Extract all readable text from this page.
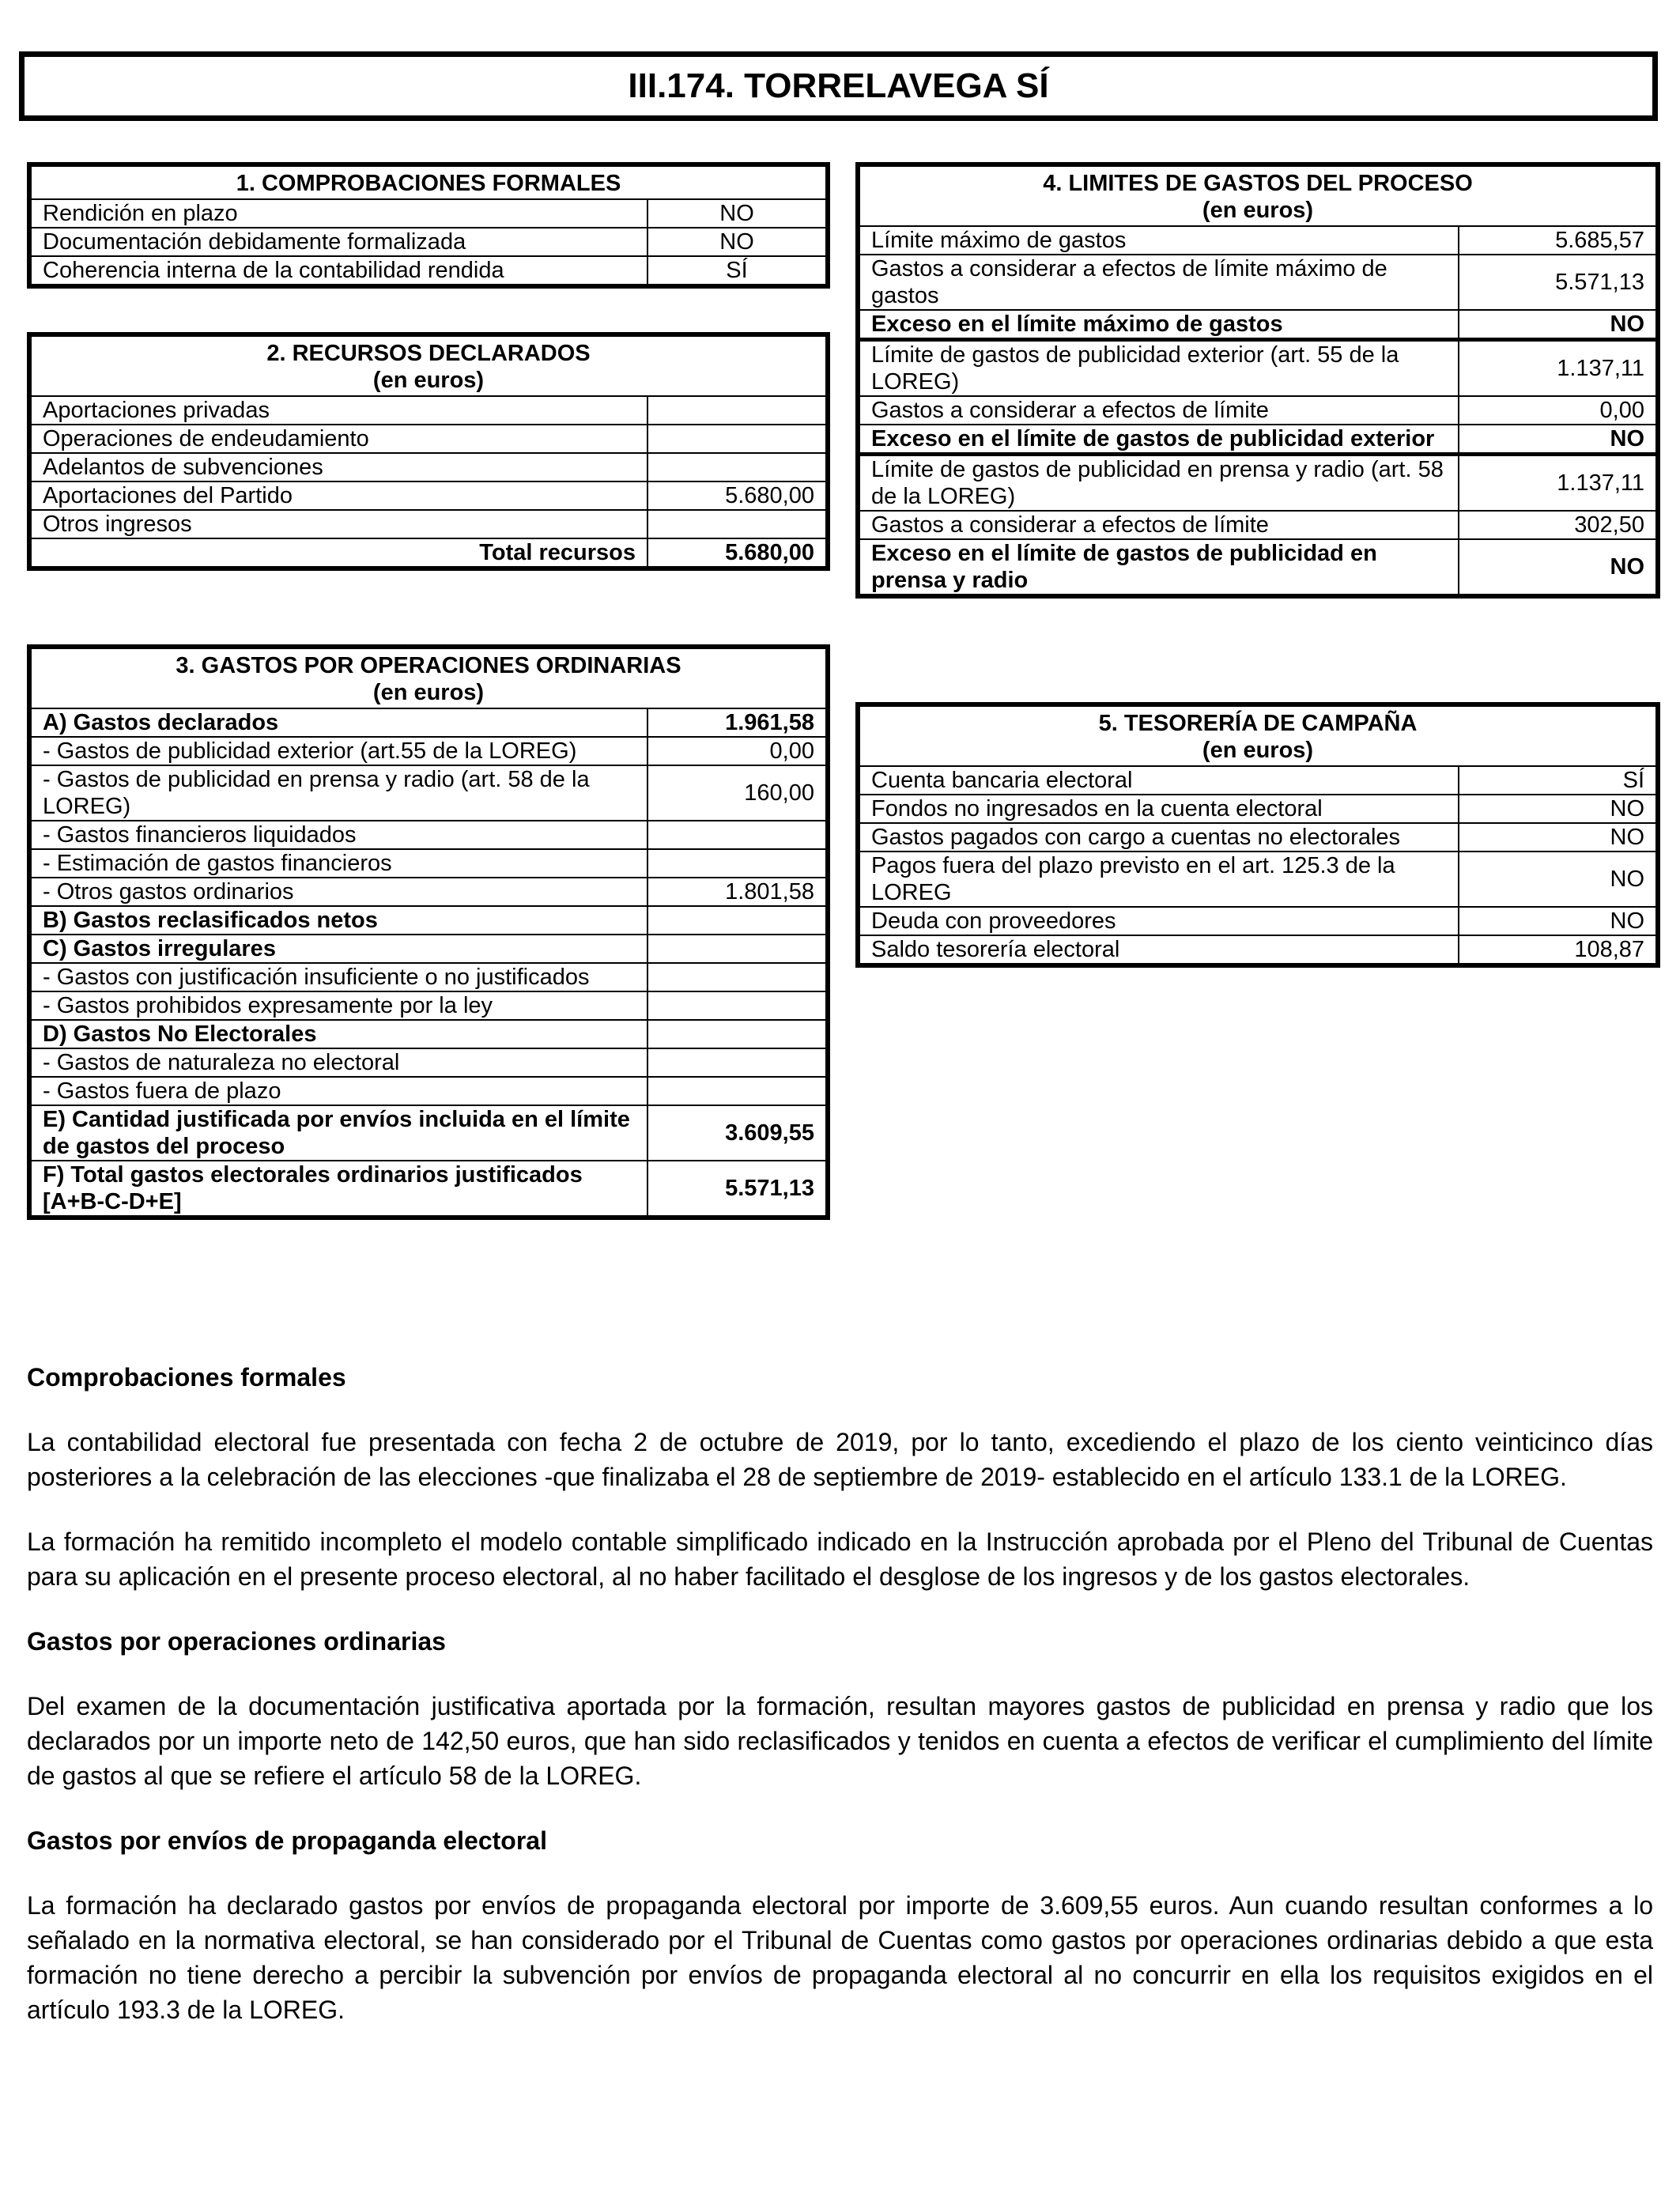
III.174. TORRELAVEGA SÍ
1. COMPROBACIONES FORMALES	
Rendición en plazo	NO
Documentación debidamente formalizada	NO
Coherencia interna de la contabilidad rendida	SÍ
2. RECURSOS DECLARADOS
(en euros)	
Aportaciones privadas	
Operaciones de endeudamiento	
Adelantos de subvenciones	
Aportaciones del Partido	5.680,00
Otros ingresos	
Total recursos	5.680,00
3. GASTOS POR OPERACIONES ORDINARIAS
(en euros)	
A) Gastos declarados	1.961,58
- Gastos de publicidad exterior (art.55 de la LOREG)	0,00
- Gastos de publicidad en prensa y radio (art. 58 de la LOREG)	160,00
- Gastos financieros liquidados	
- Estimación de gastos financieros	
- Otros gastos ordinarios	1.801,58
B) Gastos reclasificados netos	
C) Gastos irregulares	
- Gastos con justificación insuficiente o no justificados	
- Gastos prohibidos expresamente por la ley	
D) Gastos No Electorales	
- Gastos de naturaleza no electoral	
- Gastos fuera de plazo	
E) Cantidad justificada por envíos incluida en el límite de gastos del proceso	3.609,55
F) Total gastos electorales ordinarios justificados [A+B-C-D+E]	5.571,13
4. LIMITES DE GASTOS DEL PROCESO
(en euros)	
Límite máximo de gastos	5.685,57
Gastos a considerar a efectos de límite máximo de gastos	5.571,13
Exceso en el límite máximo de gastos	NO
Límite de gastos de publicidad exterior (art. 55 de la LOREG)	1.137,11
Gastos a considerar a efectos de límite	0,00
Exceso en el límite de gastos de publicidad exterior	NO
Límite de gastos de publicidad en prensa y radio (art. 58 de la LOREG)	1.137,11
Gastos a considerar a efectos de límite	302,50
Exceso en el límite de gastos de publicidad en prensa y radio	NO
5. TESORERÍA DE CAMPAÑA
(en euros)	
Cuenta bancaria electoral	SÍ
Fondos no ingresados en la cuenta electoral	NO
Gastos pagados con cargo a cuentas no electorales	NO
Pagos fuera del plazo previsto en el art. 125.3 de la LOREG	NO
Deuda con proveedores	NO
Saldo tesorería electoral	108,87
Comprobaciones formales

La contabilidad electoral fue presentada con fecha 2 de octubre de 2019, por lo tanto, excediendo el plazo de los ciento veinticinco días posteriores a la celebración de las elecciones -que finalizaba el 28 de septiembre de 2019- establecido en el artículo 133.1 de la LOREG.

La formación ha remitido incompleto el modelo contable simplificado indicado en la Instrucción aprobada por el Pleno del Tribunal de Cuentas para su aplicación en el presente proceso electoral, al no haber facilitado el desglose de los ingresos y de los gastos electorales.

Gastos por operaciones ordinarias

Del examen de la documentación justificativa aportada por la formación, resultan mayores gastos de publicidad en prensa y radio que los declarados por un importe neto de 142,50 euros, que han sido reclasificados y tenidos en cuenta a efectos de verificar el cumplimiento del límite de gastos al que se refiere el artículo 58 de la LOREG.

Gastos por envíos de propaganda electoral

La formación ha declarado gastos por envíos de propaganda electoral por importe de 3.609,55 euros. Aun cuando resultan conformes a lo señalado en la normativa electoral, se han considerado por el Tribunal de Cuentas como gastos por operaciones ordinarias debido a que esta formación no tiene derecho a percibir la subvención por envíos de propaganda electoral al no concurrir en ella los requisitos exigidos en el artículo 193.3 de la LOREG.
